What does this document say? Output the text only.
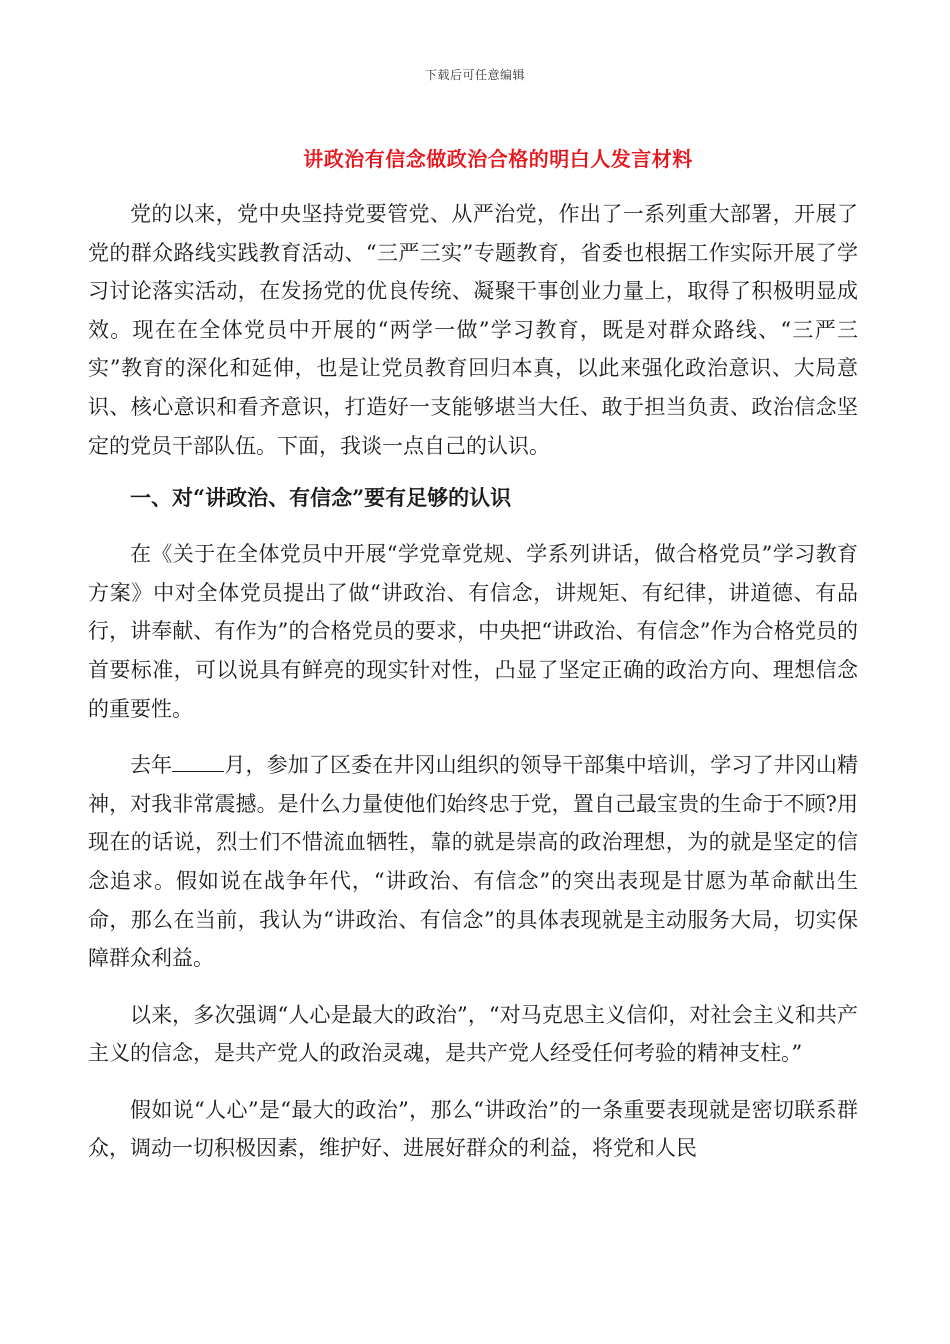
下载后可任意编辑
讲政治有信念做政治合格的明白人发言材料

党的以来，党中央坚持党要管党、从严治党，作出了一系列重大部署，开展了党的群众路线实践教育活动、“三严三实”专题教育，省委也根据工作实际开展了学习讨论落实活动，在发扬党的优良传统、凝聚干事创业力量上，取得了积极明显成效。现在在全体党员中开展的“两学一做”学习教育，既是对群众路线、“三严三实”教育的深化和延伸，也是让党员教育回归本真，以此来强化政治意识、大局意识、核心意识和看齐意识，打造好一支能够堪当大任、敢于担当负责、政治信念坚定的党员干部队伍。下面，我谈一点自己的认识。

一、对“讲政治、有信念”要有足够的认识

在《关于在全体党员中开展“学党章党规、学系列讲话，做合格党员”学习教育方案》中对全体党员提出了做“讲政治、有信念，讲规矩、有纪律，讲道德、有品行，讲奉献、有作为”的合格党员的要求，中央把“讲政治、有信念”作为合格党员的首要标准，可以说具有鲜亮的现实针对性，凸显了坚定正确的政治方向、理想信念的重要性。

去年 月，参加了区委在井冈山组织的领导干部集中培训，学习了井冈山精神，对我非常震撼。是什么力量使他们始终忠于党，置自己最宝贵的生命于不顾?用现在的话说，烈士们不惜流血牺牲，靠的就是崇高的政治理想，为的就是坚定的信念追求。假如说在战争年代，“讲政治、有信念”的突出表现是甘愿为革命献出生命，那么在当前，我认为“讲政治、有信念”的具体表现就是主动服务大局，切实保障群众利益。

以来，多次强调“人心是最大的政治”，“对马克思主义信仰，对社会主义和共产主义的信念，是共产党人的政治灵魂，是共产党人经受任何考验的精神支柱。”

假如说“人心”是“最大的政治”，那么“讲政治”的一条重要表现就是密切联系群众，调动一切积极因素，维护好、进展好群众的利益，将党和人民
